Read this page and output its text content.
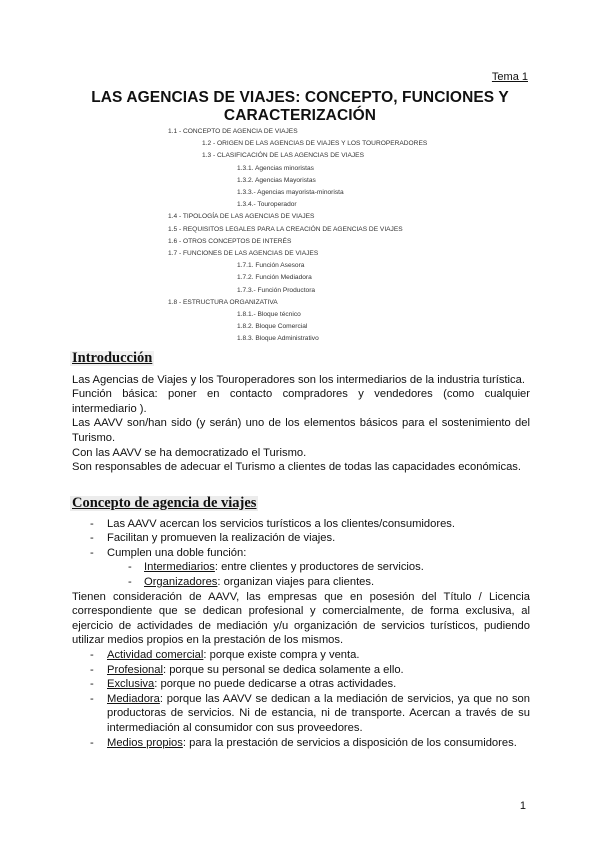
Tema 1
LAS AGENCIAS DE VIAJES: CONCEPTO, FUNCIONES Y CARACTERIZACIÓN
1.1 - CONCEPTO DE AGENCIA DE VIAJES
1.2 - ORIGEN DE LAS AGENCIAS DE VIAJES Y LOS TOUROPERADORES
1.3 - CLASIFICACIÓN DE LAS AGENCIAS DE VIAJES
1.3.1. Agencias minoristas
1.3.2. Agencias Mayoristas
1.3.3.- Agencias mayorista-minorista
1.3.4.- Touroperador
1.4 - TIPOLOGÍA DE LAS AGENCIAS DE VIAJES
1.5 - REQUISITOS LEGALES PARA LA CREACIÓN DE AGENCIAS DE VIAJES
1.6 - OTROS CONCEPTOS DE INTERÉS
1.7 - FUNCIONES DE LAS AGENCIAS DE VIAJES
1.7.1. Función Asesora
1.7.2. Función Mediadora
1.7.3.- Función Productora
1.8 - ESTRUCTURA ORGANIZATIVA
1.8.1.- Bloque técnico
1.8.2. Bloque Comercial
1.8.3. Bloque Administrativo
Introducción

Las Agencias de Viajes y los Touroperadores son los intermediarios de la industria turística.

Función básica: poner en contacto compradores y vendedores (como cualquier intermediario ).

Las AAVV son/han sido (y serán) uno de los elementos básicos para el sostenimiento del Turismo.

Con las AAVV se ha democratizado el Turismo.

Son responsables de adecuar el Turismo a clientes de todas las capacidades económicas.

Concepto de agencia de viajes
- Las AAVV acercan los servicios turísticos a los clientes/consumidores.
- Facilitan y promueven la realización de viajes.
- Cumplen una doble función:
- Intermediarios: entre clientes y productores de servicios.
- Organizadores: organizan viajes para clientes.

Tienen consideración de AAVV, las empresas que en posesión del Título / Licencia correspondiente que se dedican profesional y comercialmente, de forma exclusiva, al ejercicio de actividades de mediación y/u organización de servicios turísticos, pudiendo utilizar medios propios en la prestación de los mismos.

- Actividad comercial: porque existe compra y venta.
- Profesional: porque su personal se dedica solamente a ello.
- Exclusiva: porque no puede dedicarse a otras actividades.
- Mediadora: porque las AAVV se dedican a la mediación de servicios, ya que no son productoras de servicios. Ni de estancia, ni de transporte. Acercan a través de su intermediación al consumidor con sus proveedores.
- Medios propios: para la prestación de servicios a disposición de los consumidores.
1
